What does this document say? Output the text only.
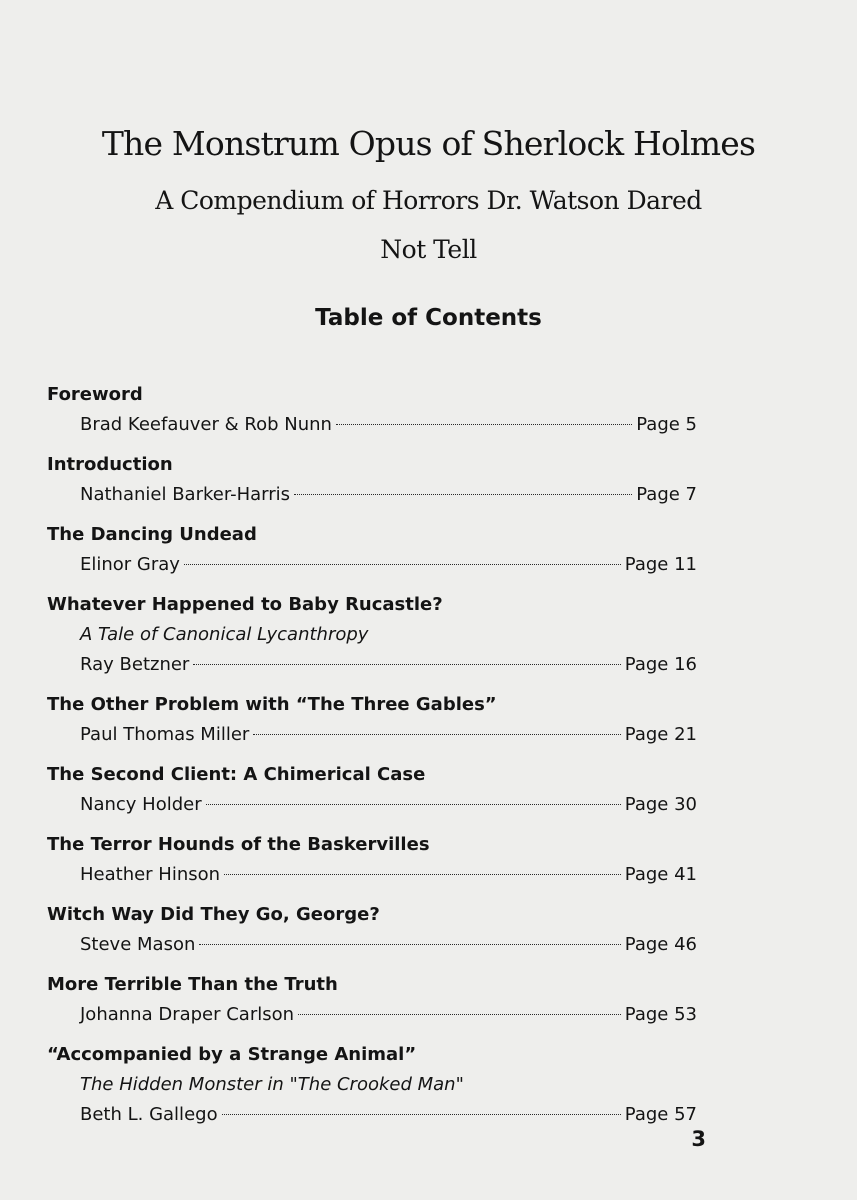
The Monstrum Opus of Sherlock Holmes
A Compendium of Horrors Dr. Watson Dared Not Tell
Table of Contents
Foreword
Brad Keefauver & Rob Nunn	Page 5
Introduction
Nathaniel Barker-Harris	Page 7
The Dancing Undead
Elinor Gray	Page 11
Whatever Happened to Baby Rucastle?
A Tale of Canonical Lycanthropy
Ray Betzner	Page 16
The Other Problem with “The Three Gables”
Paul Thomas Miller	Page 21
The Second Client: A Chimerical Case
Nancy Holder	Page 30
The Terror Hounds of the Baskervilles
Heather Hinson	Page 41
Witch Way Did They Go, George?
Steve Mason	Page 46
More Terrible Than the Truth
Johanna Draper Carlson	Page 53
“Accompanied by a Strange Animal”
The Hidden Monster in "The Crooked Man"
Beth L. Gallego	Page 57
3
